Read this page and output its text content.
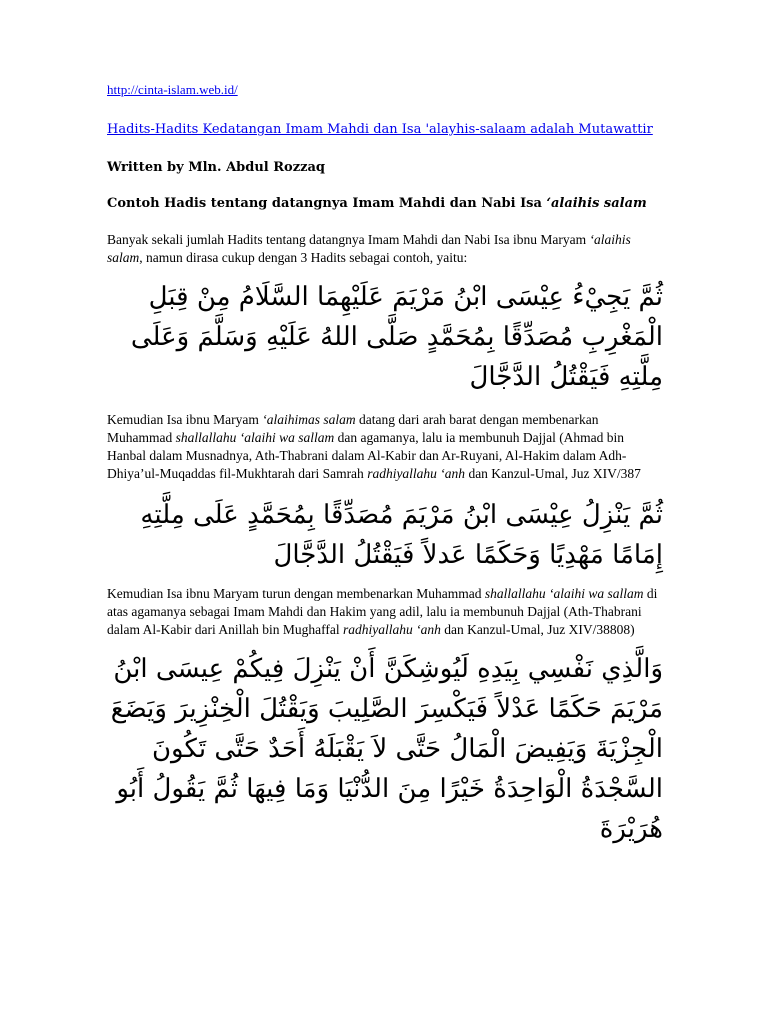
http://cinta-islam.web.id/
Hadits-Hadits Kedatangan Imam Mahdi dan Isa 'alayhis-salaam adalah Mutawattir

Written by Mln. Abdul Rozzaq

Contoh Hadis tentang datangnya Imam Mahdi dan Nabi Isa ‘alaihis salam

Banyak sekali jumlah Hadits tentang datangnya Imam Mahdi dan Nabi Isa ibnu Maryam ‘alaihis salam, namun dirasa cukup dengan 3 Hadits sebagai contoh, yaitu:

ثُمَّ يَجِيْءُ عِيْسَى ابْنُ مَرْيَمَ عَلَيْهِمَا السَّلَامُ مِنْ قِبَلِ الْمَغْرِبِ مُصَدِّقًا بِمُحَمَّدٍ صَلَّى اللهُ عَلَيْهِ وَسَلَّمَ وَعَلَى مِلَّتِهِ فَيَقْتُلُ الدَّجَّالَ

Kemudian Isa ibnu Maryam ‘alaihimas salam datang dari arah barat dengan membenarkan Muhammad shallallahu ‘alaihi wa sallam dan agamanya, lalu ia membunuh Dajjal (Ahmad bin Hanbal dalam Musnadnya, Ath-Thabrani dalam Al-Kabir dan Ar-Ruyani, Al-Hakim dalam Adh-Dhiya’ul-Muqaddas fil-Mukhtarah dari Samrah radhiyallahu ‘anh dan Kanzul-Umal, Juz XIV/387

ثُمَّ يَنْزِلُ عِيْسَى ابْنُ مَرْيَمَ مُصَدِّقًا بِمُحَمَّدٍ عَلَى مِلَّتِهِ إِمَامًا مَهْدِيًا وَحَكَمًا عَدلاً فَيَقْتُلُ الدَّجَّالَ

Kemudian Isa ibnu Maryam turun dengan membenarkan Muhammad shallallahu ‘alaihi wa sallam di atas agamanya sebagai Imam Mahdi dan Hakim yang adil, lalu ia membunuh Dajjal (Ath-Thabrani dalam Al-Kabir dari Anillah bin Mughaffal radhiyallahu ‘anh dan Kanzul-Umal, Juz XIV/38808)

وَالَّذِي نَفْسِي بِيَدِهِ لَيُوشِكَنَّ أَنْ يَنْزِلَ فِيكُمْ عِيسَى ابْنُ مَرْيَمَ حَكَمًا عَدْلاً فَيَكْسِرَ الصَّلِيبَ وَيَقْتُلَ الْخِنْزِيرَ وَيَضَعَ الْجِزْيَةَ وَيَفِيضَ الْمَالُ حَتَّى لاَ يَقْبَلَهُ أَحَدٌ حَتَّى تَكُونَ السَّجْدَةُ الْوَاحِدَةُ خَيْرًا مِنَ الدُّنْيَا وَمَا فِيهَا ثُمَّ يَقُولُ أَبُو هُرَيْرَةَ
